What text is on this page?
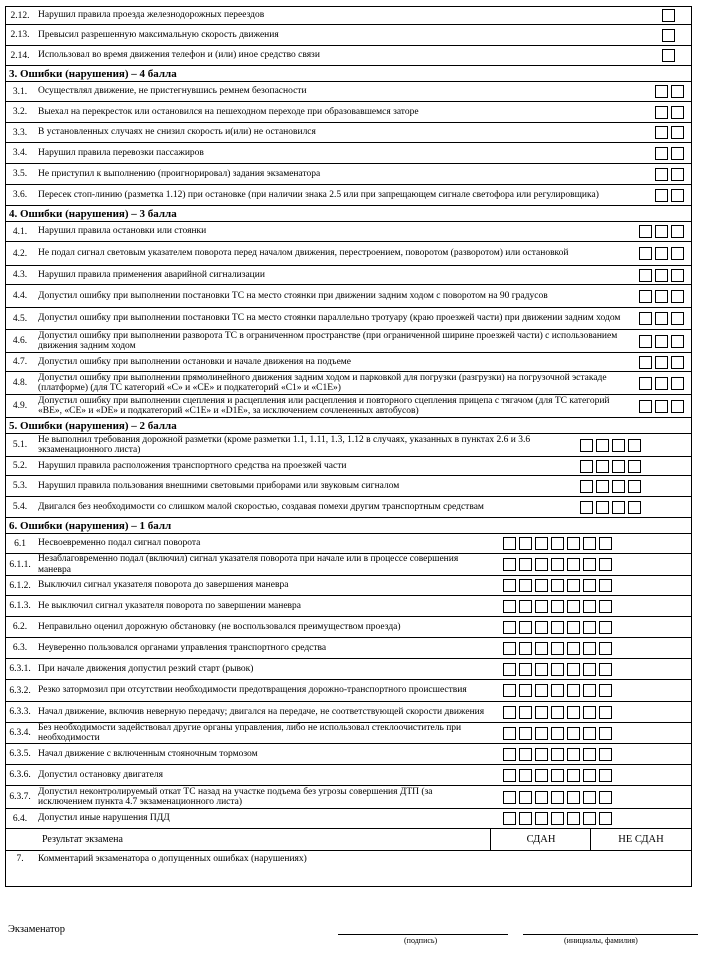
2.12. Нарушил правила проезда железнодорожных переездов
2.13. Превысил разрешенную максимальную скорость движения
2.14. Использовал во время движения телефон и (или) иное средство связи
3. Ошибки (нарушения) – 4 балла
3.1.	Осуществлял движение, не пристегнувшись ремнем безопасности
3.2.	Выехал на перекресток или остановился на пешеходном переходе при образовавшемся заторе
3.3.	В установленных случаях не снизил скорость и(или) не остановился
3.4.	Нарушил правила перевозки пассажиров
3.5.	Не приступил к выполнению (проигнорировал) задания экзаменатора
3.6.	Пересек стоп-линию (разметка 1.12) при остановке (при наличии знака 2.5 или при запрещающем сигнале светофора или регулировщика)
4. Ошибки (нарушения) – 3 балла
4.1.	Нарушил правила остановки или стоянки
4.2.	Не подал сигнал световым указателем поворота перед началом движения, перестроением, поворотом (разворотом) или остановкой
4.3.	Нарушил правила применения аварийной сигнализации
4.4.	Допустил ошибку при выполнении постановки ТС на место стоянки при движении задним ходом с поворотом на 90 градусов
4.5.	Допустил ошибку при выполнении постановки ТС на место стоянки параллельно тротуару (краю проезжей части) при движении задним ходом
4.6.
Допустил ошибку при выполнении разворота ТС в ограниченном пространстве (при ограниченной ширине проезжей части) с использованием движения задним ходом
4.7.	Допустил ошибку при выполнении остановки и начале движения на подъеме
4.8.
Допустил ошибку при выполнении прямолинейного движения задним ходом и парковкой для погрузки (разгрузки) на погрузочной эстакаде (платформе) (для ТС категорий «С» и «СЕ» и подкатегорий «С1» и «С1Е»)
4.9.
Допустил ошибку при выполнении сцепления и расцепления или расцепления и повторного сцепления прицепа с тягачом (для ТС категорий «ВЕ», «СЕ» и «DЕ» и подкатегорий «С1Е» и «D1Е», за исключением сочлененных автобусов)
5. Ошибки (нарушения) – 2 балла
5.1.
Не выполнил требования дорожной разметки (кроме разметки 1.1, 1.11, 1.3, 1.12 в случаях, указанных в пунктах 2.6 и 3.6 экзаменационного листа)
5.2.	Нарушил правила расположения транспортного средства на проезжей части
5.3.	Нарушил правила пользования внешними световыми приборами или звуковым сигналом
5.4.	Двигался без необходимости со слишком малой скоростью, создавая помехи другим транспортным средствам
6. Ошибки (нарушения) – 1 балл
6.1	Несвоевременно подал сигнал поворота
6.1.1.
Незаблаговременно подал (включил) сигнал указателя поворота при начале или в процессе совершения маневра
6.1.2. Выключил сигнал указателя поворота до завершения маневра
6.1.3. Не выключил сигнал указателя поворота по завершении маневра
6.2.	Неправильно оценил дорожную обстановку (не воспользовался преимуществом проезда)
6.3.	Неуверенно пользовался органами управления транспортного средства
6.3.1. При начале движения допустил резкий старт (рывок)
6.3.2. Резко затормозил при отсутствии необходимости предотвращения дорожно-транспортного происшествия
6.3.3. Начал движение, включив неверную передачу; двигался на передаче, не соответствующей скорости движения
6.3.4.
Без необходимости задействовал другие органы управления, либо не использовал стеклоочиститель при необходимости
6.3.5. Начал движение с включенным стояночным тормозом
6.3.6. Допустил остановку двигателя
6.3.7.
Допустил неконтролируемый откат ТС назад на участке подъема без угрозы совершения ДТП (за исключением пункта 4.7 экзаменационного листа)
6.4.	Допустил иные нарушения ПДД
Результат экзамена	СДАН	НЕ СДАН
7.	Комментарий экзаменатора о допущенных ошибках (нарушениях)
Экзаменатор
(подпись)	(инициалы, фамилия)
